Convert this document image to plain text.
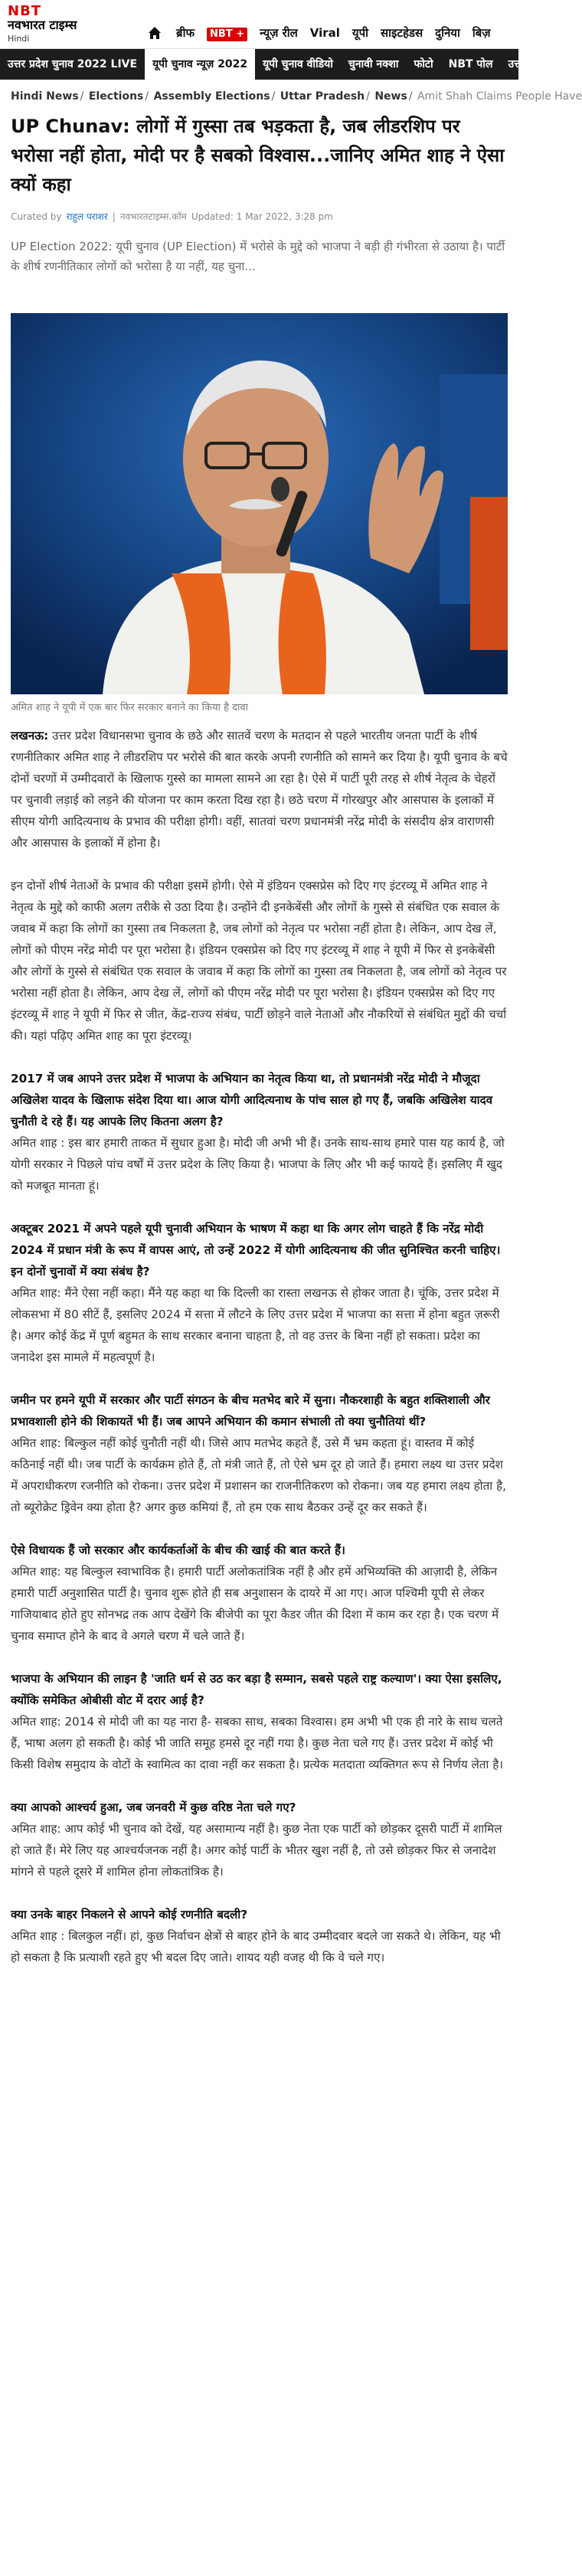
NBT
नवभारत टाइम्स
Hindi	ब्रीफ	NBT +	न्यूज़ रील	Viral	यूपी	साइटहेडस	दुनिया	बिज़
उत्तर प्रदेश चुनाव 2022 LIVE	यूपी चुनाव न्यूज़ 2022	यूपी चुनाव वीडियो	चुनावी नक्शा	फोटो	NBT पोल	उत्त
Hindi News / Elections / Assembly Elections / Uttar Pradesh / News / Amit Shah Claims People Have
UP Chunav: लोगों में गुस्सा तब भड़कता है, जब लीडरशिप पर भरोसा नहीं होता, मोदी पर है सबको विश्वास...जानिए अमित शाह ने ऐसा क्यों कहा
Curated by राहुल पराशर | नवभारतटाइम्स.कॉम Updated: 1 Mar 2022, 3:28 pm
UP Election 2022: यूपी चुनाव (UP Election) में भरोसे के मुद्दे को भाजपा ने बड़ी ही गंभीरता से उठाया है। पार्टी के शीर्ष रणनीतिकार लोगों को भरोसा है या नहीं, यह चुना...
अमित शाह ने यूपी में एक बार फिर सरकार बनाने का किया है दावा

लखनऊ: उत्तर प्रदेश विधानसभा चुनाव के छठे और सातवें चरण के मतदान से पहले भारतीय जनता पार्टी के शीर्ष रणनीतिकार अमित शाह ने लीडरशिप पर भरोसे की बात करके अपनी रणनीति को सामने कर दिया है। यूपी चुनाव के बचे दोनों चरणों में उम्मीदवारों के खिलाफ गुस्से का मामला सामने आ रहा है। ऐसे में पार्टी पूरी तरह से शीर्ष नेतृत्व के चेहरों पर चुनावी लड़ाई को लड़ने की योजना पर काम करता दिख रहा है। छठे चरण में गोरखपुर और आसपास के इलाकों में सीएम योगी आदित्यनाथ के प्रभाव की परीक्षा होगी। वहीं, सातवां चरण प्रधानमंत्री नरेंद्र मोदी के संसदीय क्षेत्र वाराणसी और आसपास के इलाकों में होना है।

इन दोनों शीर्ष नेताओं के प्रभाव की परीक्षा इसमें होगी। ऐसे में इंडियन एक्सप्रेस को दिए गए इंटरव्यू में अमित शाह ने नेतृत्व के मुद्दे को काफी अलग तरीके से उठा दिया है। उन्होंने दी इनकेबेंसी और लोगों के गुस्से से संबंधित एक सवाल के जवाब में कहा कि लोगों का गुस्सा तब निकलता है, जब लोगों को नेतृत्व पर भरोसा नहीं होता है। लेकिन, आप देख लें, लोगों को पीएम नरेंद्र मोदी पर पूरा भरोसा है। इंडियन एक्सप्रेस को दिए गए इंटरव्यू में शाह ने यूपी में फिर से इनकेबेंसी और लोगों के गुस्से से संबंधित एक सवाल के जवाब में कहा कि लोगों का गुस्सा तब निकलता है, जब लोगों को नेतृत्व पर भरोसा नहीं होता है। लेकिन, आप देख लें, लोगों को पीएम नरेंद्र मोदी पर पूरा भरोसा है। इंडियन एक्सप्रेस को दिए गए इंटरव्यू में शाह ने यूपी में फिर से जीत, केंद्र-राज्य संबंध, पार्टी छोड़ने वाले नेताओं और नौकरियों से संबंधित मुद्दों की चर्चा की। यहां पढ़िए अमित शाह का पूरा इंटरव्यू।

2017 में जब आपने उत्तर प्रदेश में भाजपा के अभियान का नेतृत्व किया था, तो प्रधानमंत्री नरेंद्र मोदी ने मौजूदा अखिलेश यादव के खिलाफ संदेश दिया था। आज योगी आदित्यनाथ के पांच साल हो गए हैं, जबकि अखिलेश यादव चुनौती दे रहे हैं। यह आपके लिए कितना अलग है?
अमित शाह : इस बार हमारी ताकत में सुधार हुआ है। मोदी जी अभी भी हैं। उनके साथ-साथ हमारे पास यह कार्य है, जो योगी सरकार ने पिछले पांच वर्षों में उत्तर प्रदेश के लिए किया है। भाजपा के लिए और भी कई फायदे हैं। इसलिए मैं खुद को मजबूत मानता हूं।
अक्टूबर 2021 में अपने पहले यूपी चुनावी अभियान के भाषण में कहा था कि अगर लोग चाहते हैं कि नरेंद्र मोदी 2024 में प्रधान मंत्री के रूप में वापस आएं, तो उन्हें 2022 में योगी आदित्यनाथ की जीत सुनिश्चित करनी चाहिए। इन दोनों चुनावों में क्या संबंध है?
अमित शाह: मैंने ऐसा नहीं कहा। मैंने यह कहा था कि दिल्ली का रास्ता लखनऊ से होकर जाता है। चूंकि, उत्तर प्रदेश में लोकसभा में 80 सीटें हैं, इसलिए 2024 में सत्ता में लौटने के लिए उत्तर प्रदेश में भाजपा का सत्ता में होना बहुत ज़रूरी है। अगर कोई केंद्र में पूर्ण बहुमत के साथ सरकार बनाना चाहता है, तो वह उत्तर के बिना नहीं हो सकता। प्रदेश का जनादेश इस मामले में महत्वपूर्ण है।
जमीन पर हमने यूपी में सरकार और पार्टी संगठन के बीच मतभेद बारे में सुना। नौकरशाही के बहुत शक्तिशाली और प्रभावशाली होने की शिकायतें भी हैं। जब आपने अभियान की कमान संभाली तो क्या चुनौतियां थीं?
अमित शाह: बिल्कुल नहीं कोई चुनौती नहीं थी। जिसे आप मतभेद कहते हैं, उसे मैं भ्रम कहता हूं। वास्तव में कोई कठिनाई नहीं थी। जब पार्टी के कार्यक्रम होते हैं, तो मंत्री जाते हैं, तो ऐसे भ्रम दूर हो जाते हैं। हमारा लक्ष्य था उत्तर प्रदेश में अपराधीकरण रजनीति को रोकना। उत्तर प्रदेश में प्रशासन का राजनीतिकरण को रोकना। जब यह हमारा लक्ष्य होता है, तो ब्यूरोक्रेट ड्रिवेन क्या होता है? अगर कुछ कमियां हैं, तो हम एक साथ बैठकर उन्हें दूर कर सकते हैं।
ऐसे विधायक हैं जो सरकार और कार्यकर्ताओं के बीच की खाई की बात करते हैं।
अमित शाह: यह बिल्कुल स्वाभाविक है। हमारी पार्टी अलोकतांत्रिक नहीं है और हमें अभिव्यक्ति की आज़ादी है, लेकिन हमारी पार्टी अनुशासित पार्टी है। चुनाव शुरू होते ही सब अनुशासन के दायरे में आ गए। आज पश्चिमी यूपी से लेकर गाजियाबाद होते हुए सोनभद्र तक आप देखेंगे कि बीजेपी का पूरा कैडर जीत की दिशा में काम कर रहा है। एक चरण में चुनाव समाप्त होने के बाद वे अगले चरण में चले जाते हैं।
भाजपा के अभियान की लाइन है 'जाति धर्म से उठ कर बड़ा है सम्मान, सबसे पहले राष्ट्र कल्याण'। क्या ऐसा इसलिए, क्योंकि समेकित ओबीसी वोट में दरार आई है?
अमित शाह: 2014 से मोदी जी का यह नारा है- सबका साथ, सबका विश्वास। हम अभी भी एक ही नारे के साथ चलते हैं, भाषा अलग हो सकती है। कोई भी जाति समूह हमसे दूर नहीं गया है। कुछ नेता चले गए हैं। उत्तर प्रदेश में कोई भी किसी विशेष समुदाय के वोटों के स्वामित्व का दावा नहीं कर सकता है। प्रत्येक मतदाता व्यक्तिगत रूप से निर्णय लेता है।
क्या आपको आश्चर्य हुआ, जब जनवरी में कुछ वरिष्ठ नेता चले गए?
अमित शाह: आप कोई भी चुनाव को देखें, यह असामान्य नहीं है। कुछ नेता एक पार्टी को छोड़कर दूसरी पार्टी में शामिल हो जाते हैं। मेरे लिए यह आश्चर्यजनक नहीं है। अगर कोई पार्टी के भीतर खुश नहीं है, तो उसे छोड़कर फिर से जनादेश मांगने से पहले दूसरे में शामिल होना लोकतांत्रिक है।
क्या उनके बाहर निकलने से आपने कोई रणनीति बदली?
अमित शाह : बिलकुल नहीं। हां, कुछ निर्वाचन क्षेत्रों से बाहर होने के बाद उम्मीदवार बदले जा सकते थे। लेकिन, यह भी हो सकता है कि प्रत्याशी रहते हुए भी बदल दिए जाते। शायद यही वजह थी कि वे चले गए।
